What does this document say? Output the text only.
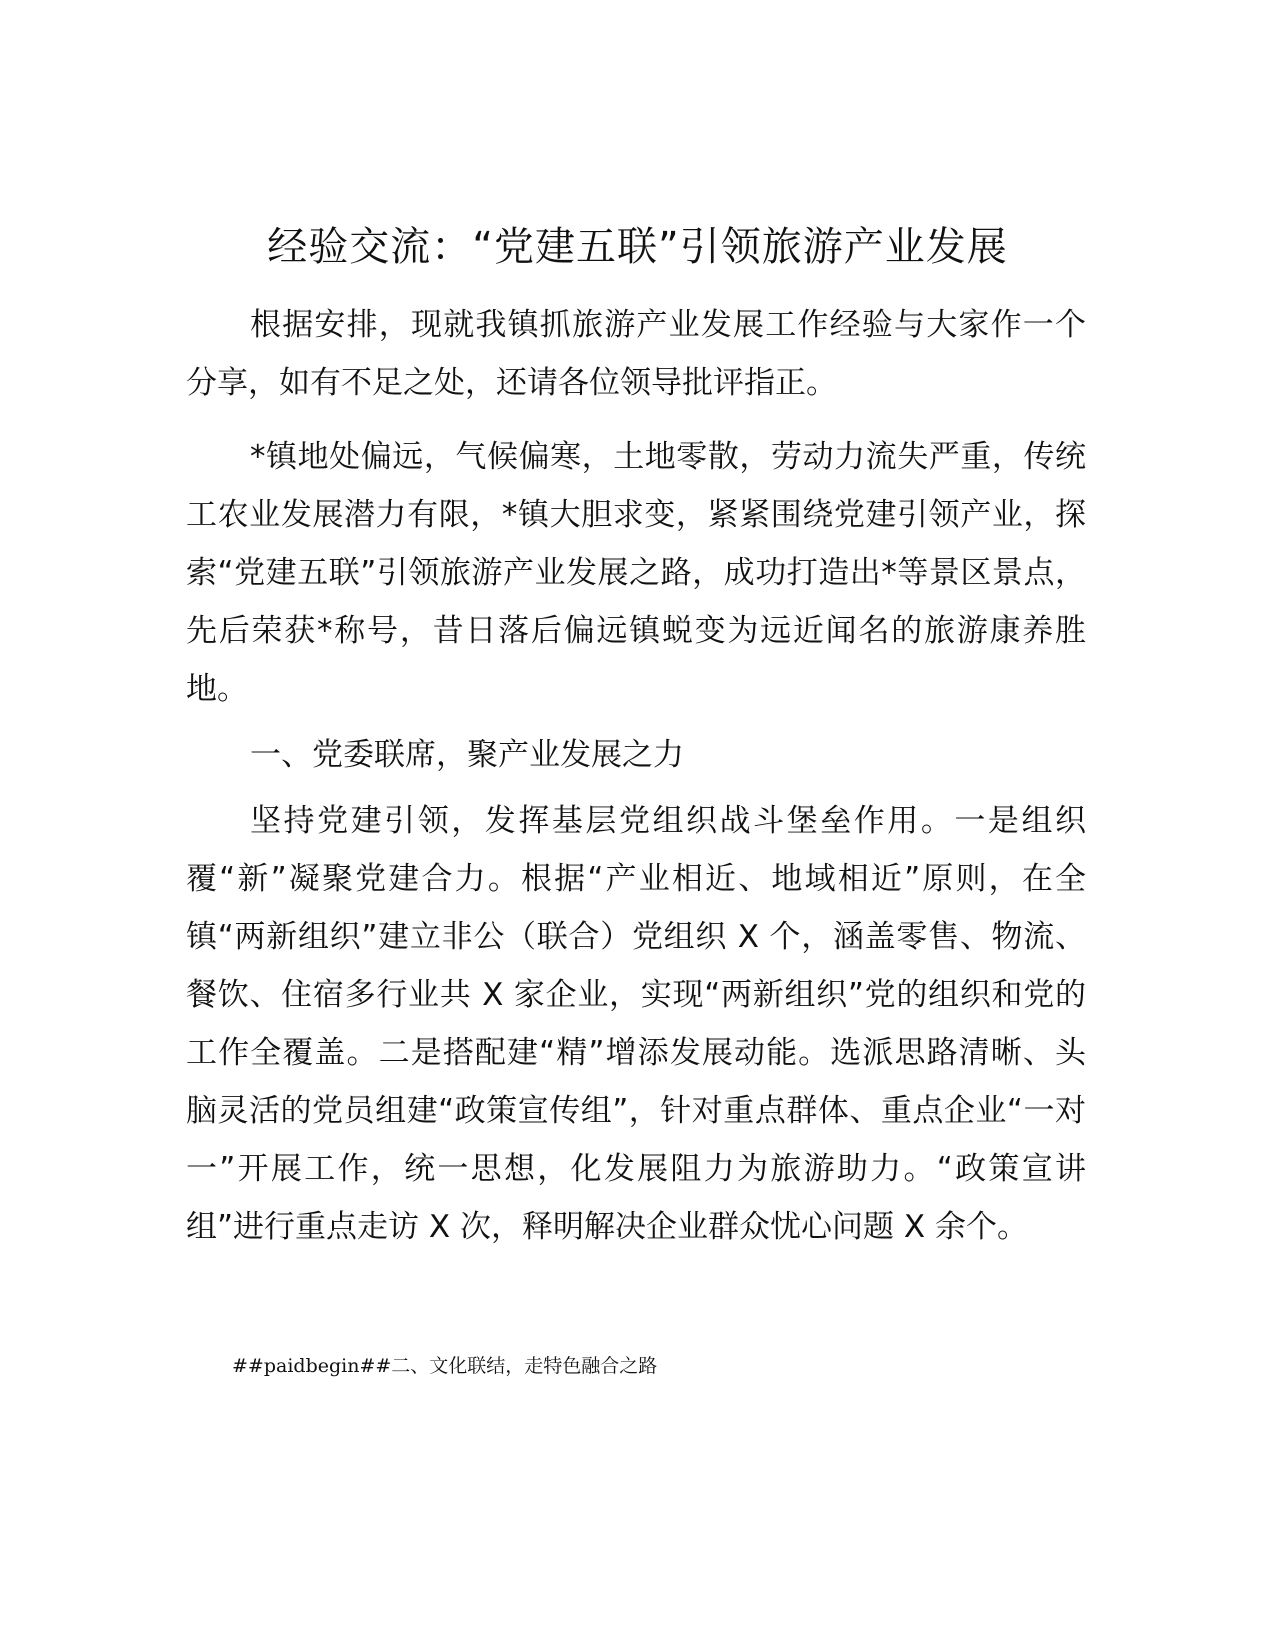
经验交流：“党建五联”引领旅游产业发展

根据安排，现就我镇抓旅游产业发展工作经验与大家作一个分享，如有不足之处，还请各位领导批评指正。

*镇地处偏远，气候偏寒，土地零散，劳动力流失严重，传统工农业发展潜力有限，*镇大胆求变，紧紧围绕党建引领产业，探索“党建五联”引领旅游产业发展之路，成功打造出*等景区景点，先后荣获*称号，昔日落后偏远镇蜕变为远近闻名的旅游康养胜地。

一、党委联席，聚产业发展之力

坚持党建引领，发挥基层党组织战斗堡垒作用。一是组织覆“新”凝聚党建合力。根据“产业相近、地域相近”原则，在全镇“两新组织”建立非公（联合）党组织 X 个，涵盖零售、物流、餐饮、住宿多行业共 X 家企业，实现“两新组织”党的组织和党的工作全覆盖。二是搭配建“精”增添发展动能。选派思路清晰、头脑灵活的党员组建“政策宣传组”，针对重点群体、重点企业“一对一”开展工作，统一思想，化发展阻力为旅游助力。“政策宣讲组”进行重点走访 X 次，释明解决企业群众忧心问题 X 余个。

##paidbegin##二、文化联结，走特色融合之路
